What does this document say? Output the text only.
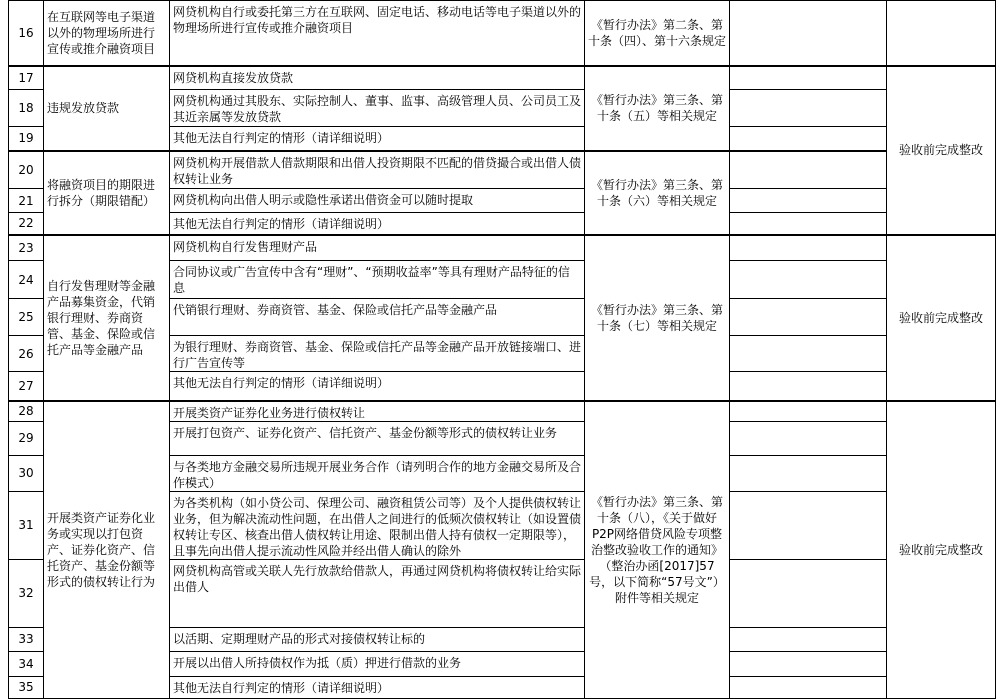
16	在互联网等电子渠道以外的物理场所进行宣传或推介融资项目	网贷机构自行或委托第三方在互联网、固定电话、移动电话等电子渠道以外的物理场所进行宣传或推介融资项目	《暂行办法》第二条、第十条（四）、第十六条规定		
17	违规发放贷款	网贷机构直接发放贷款	《暂行办法》第三条、第十条（五）等相关规定		验收前完成整改
18		网贷机构通过其股东、实际控制人、董事、监事、高级管理人员、公司员工及其近亲属等发放贷款			
19		其他无法自行判定的情形（请详细说明）			
20	将融资项目的期限进行拆分（期限错配）	网贷机构开展借款人借款期限和出借人投资期限不匹配的借贷撮合或出借人债权转让业务	《暂行办法》第三条、第十条（六）等相关规定		
21		网贷机构向出借人明示或隐性承诺出借资金可以随时提取			
22		其他无法自行判定的情形（请详细说明）			
23	自行发售理财等金融产品募集资金，代销银行理财、券商资管、基金、保险或信托产品等金融产品	网贷机构自行发售理财产品	《暂行办法》第三条、第十条（七）等相关规定		验收前完成整改
24		合同协议或广告宣传中含有“理财”、“预期收益率”等具有理财产品特征的信息			
25		代销银行理财、券商资管、基金、保险或信托产品等金融产品			
26		为银行理财、券商资管、基金、保险或信托产品等金融产品开放链接端口、进行广告宣传等			
27		其他无法自行判定的情形（请详细说明）			
28	开展类资产证券化业务或实现以打包资产、证券化资产、信托资产、基金份额等形式的债权转让行为	开展类资产证券化业务进行债权转让	《暂行办法》第三条、第十条（八），《关于做好P2P网络借贷风险专项整治整改验收工作的通知》（整治办函[2017]57号，以下简称“57号文”）附件等相关规定		验收前完成整改
29		开展打包资产、证券化资产、信托资产、基金份额等形式的债权转让业务			
30		与各类地方金融交易所违规开展业务合作（请列明合作的地方金融交易所及合作模式）			
31		为各类机构（如小贷公司、保理公司、融资租赁公司等）及个人提供债权转让业务，但为解决流动性问题，在出借人之间进行的低频次债权转让（如设置债权转让专区、核查出借人债权转让用途、限制出借人持有债权一定期限等），且事先向出借人提示流动性风险并经出借人确认的除外			
32		网贷机构高管或关联人先行放款给借款人，再通过网贷机构将债权转让给实际出借人			
33		以活期、定期理财产品的形式对接债权转让标的			
34		开展以出借人所持债权作为抵（质）押进行借款的业务			
35		其他无法自行判定的情形（请详细说明）			
